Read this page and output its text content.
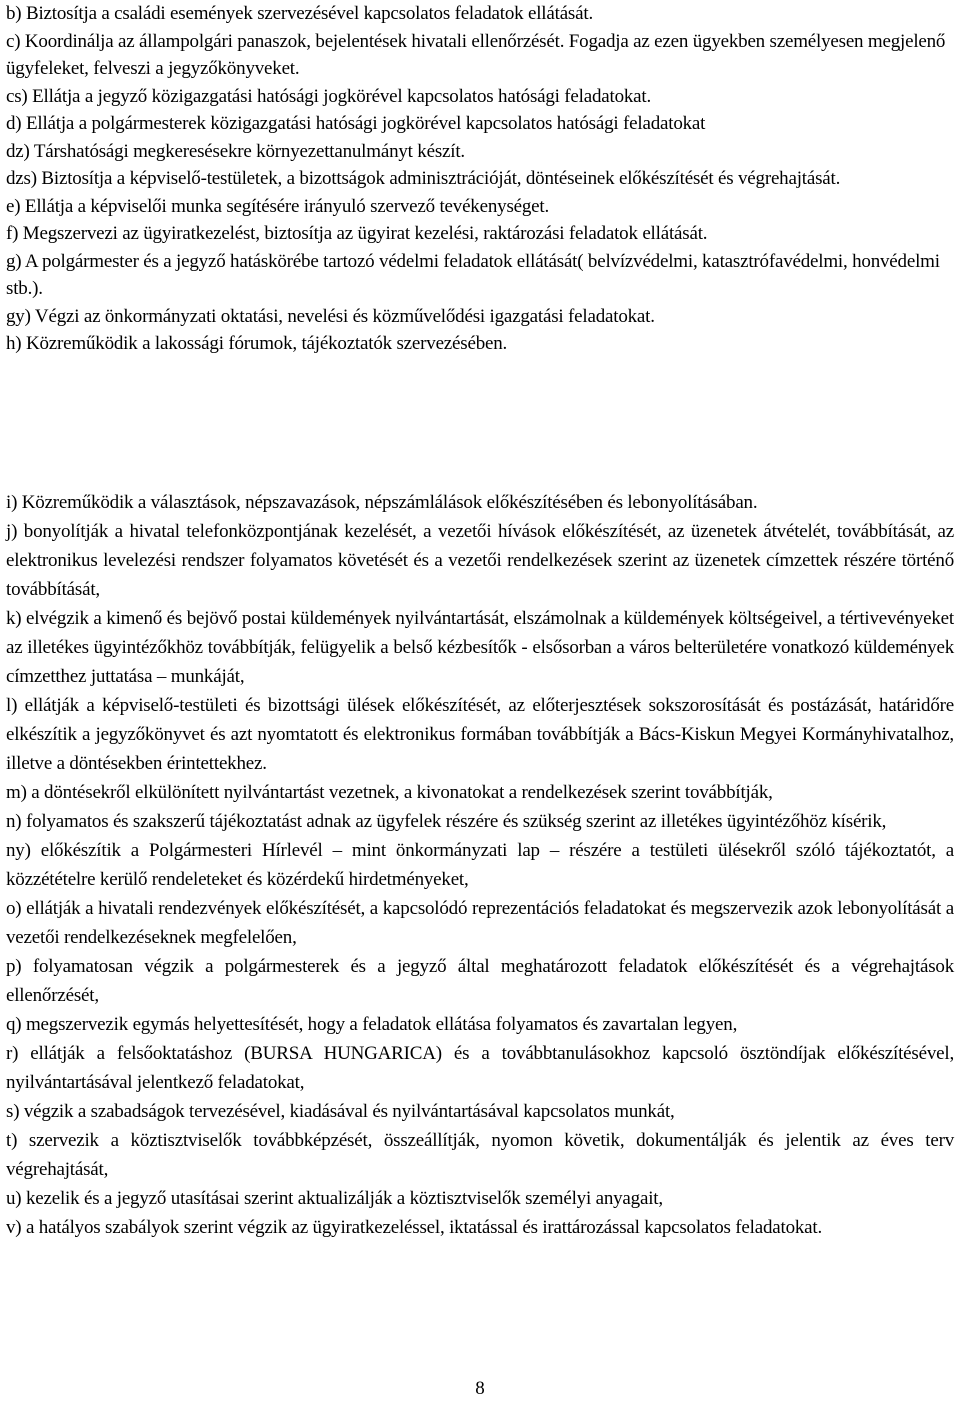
b) Biztosítja a családi események szervezésével kapcsolatos feladatok ellátását.

c) Koordinálja az állampolgári panaszok, bejelentések hivatali ellenőrzését. Fogadja az ezen ügyekben személyesen megjelenő ügyfeleket, felveszi a jegyzőkönyveket.

cs) Ellátja a jegyző közigazgatási hatósági jogkörével kapcsolatos hatósági feladatokat.

d) Ellátja a polgármesterek közigazgatási hatósági jogkörével kapcsolatos hatósági feladatokat

dz) Társhatósági megkeresésekre környezettanulmányt készít.

dzs) Biztosítja a képviselő-testületek, a bizottságok adminisztrációját, döntéseinek előkészítését és végrehajtását.

e) Ellátja a képviselői munka segítésére irányuló szervező tevékenységet.

f) Megszervezi az ügyiratkezelést, biztosítja az ügyirat kezelési, raktározási feladatok ellátását.

g) A polgármester és a jegyző hatáskörébe tartozó védelmi feladatok ellátását( belvízvédelmi, katasztrófavédelmi, honvédelmi stb.).

gy) Végzi az önkormányzati oktatási, nevelési és közművelődési igazgatási feladatokat.

h) Közreműködik a lakossági fórumok, tájékoztatók szervezésében.

i) Közreműködik a választások, népszavazások, népszámlálások előkészítésében és lebonyolításában.

j) bonyolítják a hivatal telefonközpontjának kezelését, a vezetői hívások előkészítését, az üzenetek átvételét, továbbítását, az elektronikus levelezési rendszer folyamatos követését és a vezetői rendelkezések szerint az üzenetek címzettek részére történő továbbítását,

k) elvégzik a kimenő és bejövő postai küldemények nyilvántartását, elszámolnak a küldemények költségeivel, a tértivevényeket az illetékes ügyintézőkhöz továbbítják, felügyelik a belső kézbesítők - elsősorban a város belterületére vonatkozó küldemények címzetthez juttatása – munkáját,

l) ellátják a képviselő-testületi és bizottsági ülések előkészítését, az előterjesztések sokszorosítását és postázását, határidőre elkészítik a jegyzőkönyvet és azt nyomtatott és elektronikus formában továbbítják a Bács-Kiskun Megyei Kormányhivatalhoz, illetve a döntésekben érintettekhez.

m) a döntésekről elkülönített nyilvántartást vezetnek, a kivonatokat a rendelkezések szerint továbbítják,

n) folyamatos és szakszerű tájékoztatást adnak az ügyfelek részére és szükség szerint az illetékes ügyintézőhöz kísérik,

ny) előkészítik a Polgármesteri Hírlevél – mint önkormányzati lap – részére a testületi ülésekről szóló tájékoztatót, a közzétételre kerülő rendeleteket és közérdekű hirdetményeket,

o) ellátják a hivatali rendezvények előkészítését, a kapcsolódó reprezentációs feladatokat és megszervezik azok lebonyolítását a vezetői rendelkezéseknek megfelelően,

p) folyamatosan végzik a polgármesterek és a jegyző által meghatározott feladatok előkészítését és a végrehajtások ellenőrzését,

q) megszervezik egymás helyettesítését, hogy a feladatok ellátása folyamatos és zavartalan legyen,

r) ellátják a felsőoktatáshoz (BURSA HUNGARICA) és a továbbtanulásokhoz kapcsoló ösztöndíjak előkészítésével, nyilvántartásával jelentkező feladatokat,

s) végzik a szabadságok tervezésével, kiadásával és nyilvántartásával kapcsolatos munkát,

t) szervezik a köztisztviselők továbbképzését, összeállítják, nyomon követik, dokumentálják és jelentik az éves terv végrehajtását,

u) kezelik és a jegyző utasításai szerint aktualizálják a köztisztviselők személyi anyagait,

v) a hatályos szabályok szerint végzik az ügyiratkezeléssel, iktatással és irattározással kapcsolatos feladatokat.

8
